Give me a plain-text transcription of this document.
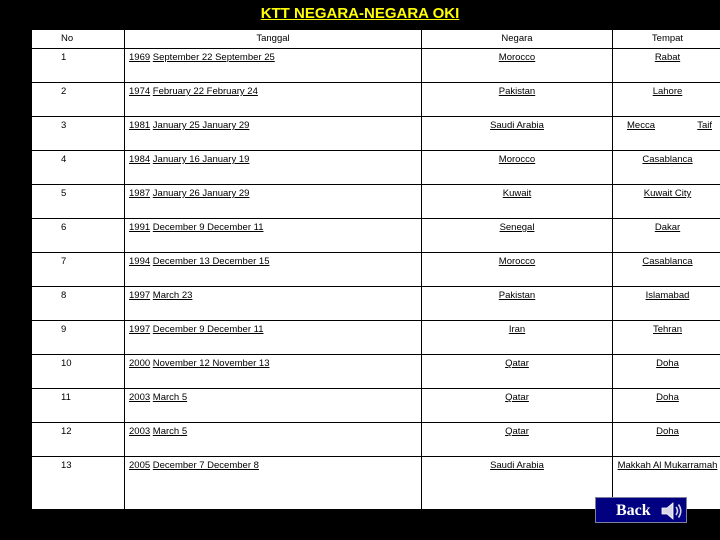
KTT NEGARA-NEGARA OKI
No	Tanggal	Negara	Tempat
1	1969 September 22 September 25	Morocco	Rabat

2	1974 February 22 February 24	Pakistan	Lahore

3	1981 January 25 January 29	Saudi Arabia	Mecca Taif

4	1984 January 16 January 19	Morocco	Casablanca

5	1987 January 26 January 29	Kuwait	Kuwait City

6	1991 December 9 December 11	Senegal	Dakar

7	1994 December 13 December 15	Morocco	Casablanca

8	1997 March 23	Pakistan	Islamabad

9	1997 December 9 December 11	Iran	Tehran

10	2000 November 12 November 13	Qatar	Doha

11	2003 March 5	Qatar	Doha

12	2003 March 5	Qatar	Doha

13	2005 December 7 December 8	Saudi Arabia	Makkah Al Mukarramah
Back
